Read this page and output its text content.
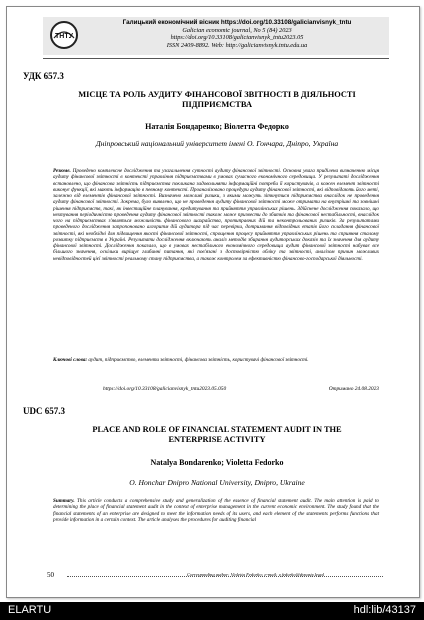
ТНТУ
Галицький економічний вісник https://doi.org/10.33108/galicianvisnyk_tntu
Galician economic journal, No 5 (84) 2023
https://doi.org/10.33108/galicianvisnyk_tntu2023.05
ISSN 2409-8892. Web: http://galicianvisnyk.tntu.edu.ua
УДК 657.3
МІСЦЕ ТА РОЛЬ АУДИТУ ФІНАНСОВОЇ ЗВІТНОСТІ В ДІЯЛЬНОСТІ ПІДПРИЄМСТВА
Наталія Бондаренко; Віолетта Федорко
Дніпровський національний університет імені О. Гончара, Дніпро, Україна
Резюме. Проведено комплексне дослідження та узагальнення сутності аудиту фінансової звітності. Основна увага приділена визначенню місця аудиту фінансової звітності в контексті управління підприємствами в умовах сучасного економічного середовища. У результаті дослідження встановлено, що фінансова звітність підприємства покликана задовольняти інформаційні потреби її користувачів, а кожен елемент звітності виконує функції, які мають інформацію в певному контексті. Проаналізовано процедури аудиту фінансової звітності, які відповідають його меті, залежно від елементів фінансової звітності. Визначено можливі ризики, з якими можуть зіткнутися підприємства внаслідок не проведення аудиту фінансової звітності. Зокрема, було виявлено, що не проведення аудиту фінансової звітності може отримати на внутрішні та зовнішні рішення підприємств, такі, як інвестиційне планування, кредитування та прийняття управлінських рішень. Здійснене дослідження показало, що нехтування періодичністю проведення аудиту фінансової звітності також може призвести до збитків та фінансової нестабільності, внаслідок чого на підприємствах з'являться можливість фінансового шахрайства, протиправних дій та неконтрольованих ризиків. За результатами проведеного дослідження запропоновано алгоритм дій аудитора під час перевірки, дотримання відповідних етапів його складання фінансової звітності, які необхідні для підвищення якості фінансової звітності, спрощення процесу прийняття управлінських рішень та сприяння сталому розвитку підприємств в Україні. Результати дослідження включають аналіз методів збирання аудиторських доказів та їх значення для аудиту фінансової звітності. Дослідження показало, що в умовах нестабільного економічного середовища аудит фінансової звітності набуває все більшого значення, оскільки виріщує глибинні питання, які пов'язані з достовірністю обліку та звітності, аналізом причин можливих невідповідностей цієї звітності реальному стану підприємства, а також контролем за ефективністю фінансово-господарської діяльності.
Ключові слова: аудит, підприємство, елементи звітності, фінансова звітність, користувачі фінансової звітності.
https://doi.org/10.33108/galicianvisnyk_tntu2023.05.050	Отримано 24.08.2023
UDC 657.3
PLACE AND ROLE OF FINANCIAL STATEMENT AUDIT IN THE ENTERPRISE ACTIVITY
Natalya Bondarenko; Violetta Fedorko
O. Honchar Dnipro National University, Dnipro, Ukraine
Summary. This article conducts a comprehensive study and generalization of the essence of financial statement audit. The main attention is paid to determining the place of financial statement audit in the context of enterprise management in the current economic environment. The study found that the financial statements of an enterprise are designed to meet the information needs of its users, and each element of the statements performs functions that provide information in a certain context. The article analyses the procedures for auditing financial
50	Corresponding author: Violetta Fedorko; e-mail: v.fedorko@dynasty.legal
ELARTU	hdl:lib/43137
